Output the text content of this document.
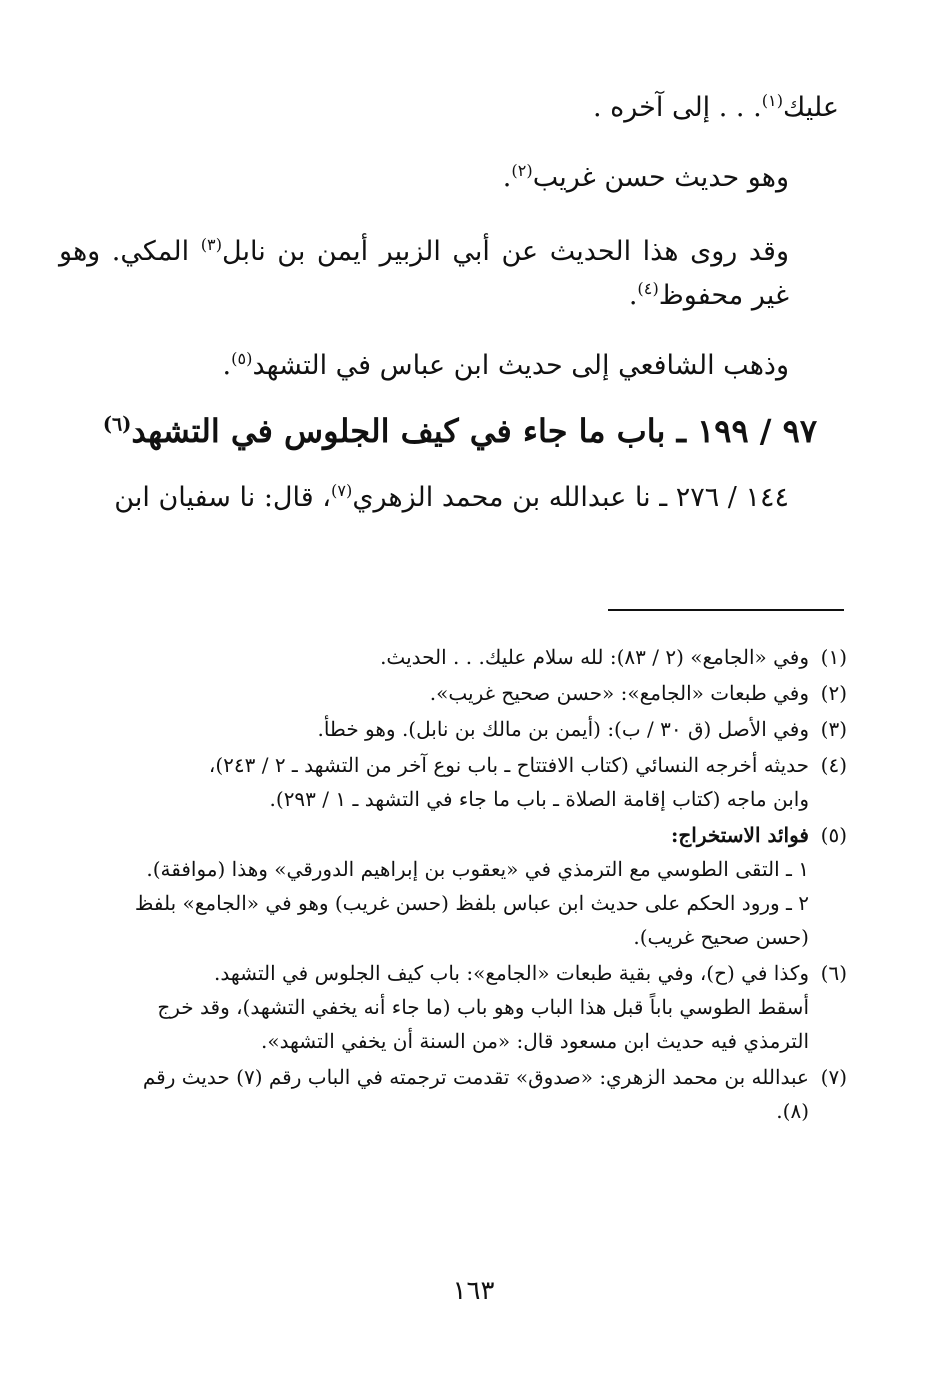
عليك$^{(١)}$. . . إلى آخره .
وهو حديث حسن غريب$^{(٢)}$.
وقد روى هذا الحديث عن أبي الزبير أيمن بن نابل$^{(٣)}$ المكي. وهو غير محفوظ$^{(٤)}$.
وذهب الشافعي إلى حديث ابن عباس في التشهد$^{(٥)}$.
٩٧ / ١٩٩ ـ باب ما جاء في كيف الجلوس في التشهد$^{(٦)}$
١٤٤ / ٢٧٦ ـ نا عبدالله بن محمد الزهري$^{(٧)}$، قال: نا سفيان ابن
(١)
وفي «الجامع» (٢ / ٨٣): لله سلام عليك. . . الحديث.
(٢)
وفي طبعات «الجامع»: «حسن صحيح غريب».
(٣)
وفي الأصل (ق ٣٠ / ب): (أيمن بن مالك بن نابل). وهو خطأ.
(٤)
حديثه أخرجه النسائي (كتاب الافتتاح ـ باب نوع آخر من التشهد ـ ٢ / ٢٤٣)،
وابن ماجه (كتاب إقامة الصلاة ـ باب ما جاء في التشهد ـ ١ / ٢٩٣).
(٥)
فوائد الاستخراج:
١ ـ التقى الطوسي مع الترمذي في «يعقوب بن إبراهيم الدورقي» وهذا (موافقة).
٢ ـ ورود الحكم على حديث ابن عباس بلفظ (حسن غريب) وهو في «الجامع» بلفظ
(حسن صحيح غريب).
(٦)
وكذا في (ح)، وفي بقية طبعات «الجامع»: باب كيف الجلوس في التشهد.
أسقط الطوسي باباً قبل هذا الباب وهو باب (ما جاء أنه يخفي التشهد)، وقد خرج
الترمذي فيه حديث ابن مسعود قال: «من السنة أن يخفي التشهد».
(٧)
عبدالله بن محمد الزهري: «صدوق» تقدمت ترجمته في الباب رقم (٧) حديث رقم
(٨).
١٦٣
